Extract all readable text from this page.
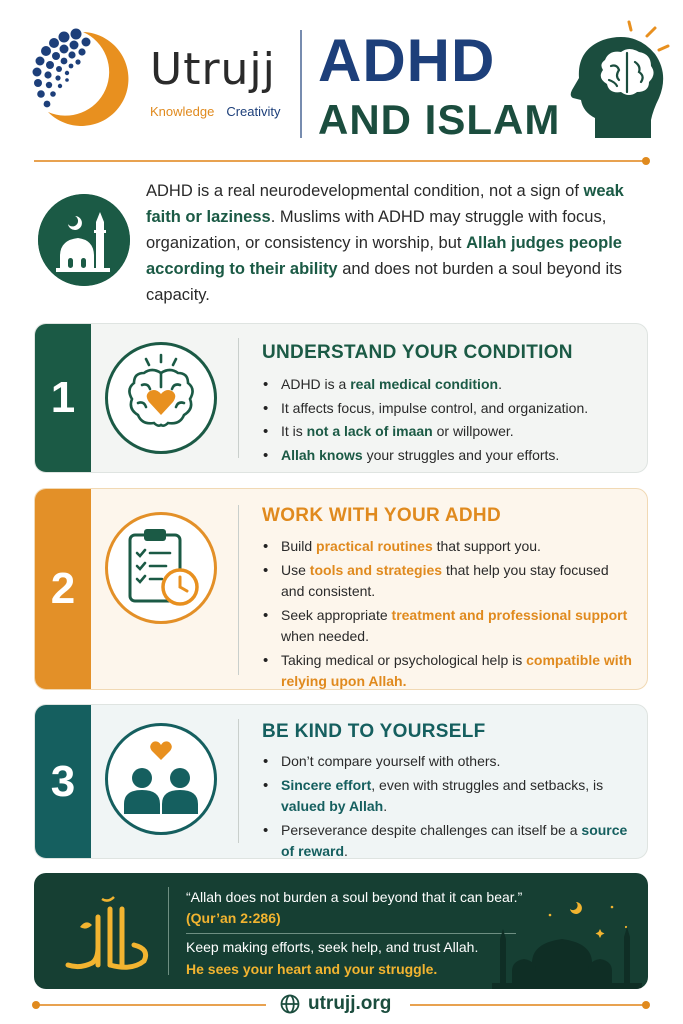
Utrujj
Knowledge Creativity
ADHD
AND ISLAM
ADHD is a real neurodevelopmental condition, not a sign of weak faith or laziness. Muslims with ADHD may struggle with focus, organization, or consistency in worship, but Allah judges people according to their ability and does not burden a soul beyond its capacity.
1
UNDERSTAND YOUR CONDITION
• ADHD is a real medical condition.
• It affects focus, impulse control, and organization.
• It is not a lack of imaan or willpower.
• Allah knows your struggles and your efforts.
2
WORK WITH YOUR ADHD
• Build practical routines that support you.
• Use tools and strategies that help you stay focused and consistent.
• Seek appropriate treatment and professional support when needed.
• Taking medical or psychological help is compatible with relying upon Allah.
3
BE KIND TO YOURSELF
• Don’t compare yourself with others.
• Sincere effort, even with struggles and setbacks, is valued by Allah.
• Perseverance despite challenges can itself be a source of reward.
“Allah does not burden a soul beyond that it can bear.”
(Qur’an 2:286)
Keep making efforts, seek help, and trust Allah.
He sees your heart and your struggle.
utrujj.org
